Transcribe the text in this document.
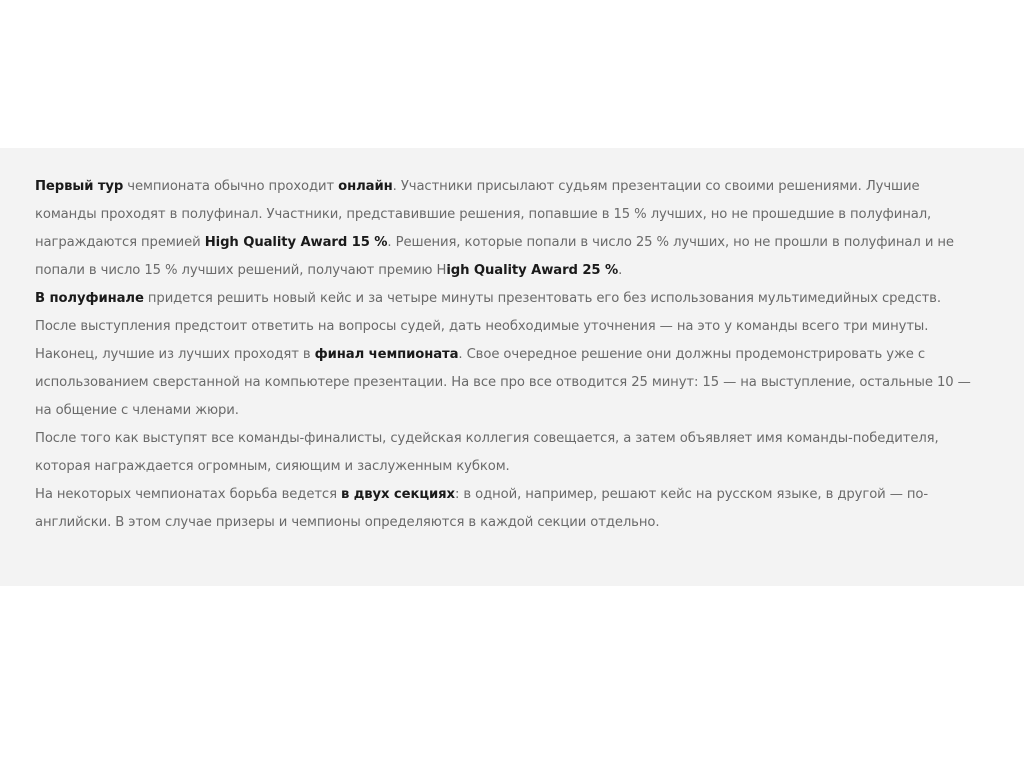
Первый тур чемпионата обычно проходит онлайн. Участники присылают судьям презентации со своими решениями. Лучшие команды проходят в полуфинал. Участники, представившие решения, попавшие в 15 % лучших, но не прошедшие в полуфинал, награждаются премией High Quality Award 15 %. Решения, которые попали в число 25 % лучших, но не прошли в полуфинал и не попали в число 15 % лучших решений, получают премию High Quality Award 25 %.

В полуфинале придется решить новый кейс и за четыре минуты презентовать его без использования мультимедийных средств. После выступления предстоит ответить на вопросы судей, дать необходимые уточнения — на это у команды всего три минуты. Наконец, лучшие из лучших проходят в финал чемпионата. Свое очередное решение они должны продемонстрировать уже с использованием сверстанной на компьютере презентации. На все про все отводится 25 минут: 15 — на выступление, остальные 10 — на общение с членами жюри.

После того как выступят все команды-финалисты, судейская коллегия совещается, а затем объявляет имя команды-победителя, которая награждается огромным, сияющим и заслуженным кубком.

На некоторых чемпионатах борьба ведется в двух секциях: в одной, например, решают кейс на русском языке, в другой — по-английски. В этом случае призеры и чемпионы определяются в каждой секции отдельно.
